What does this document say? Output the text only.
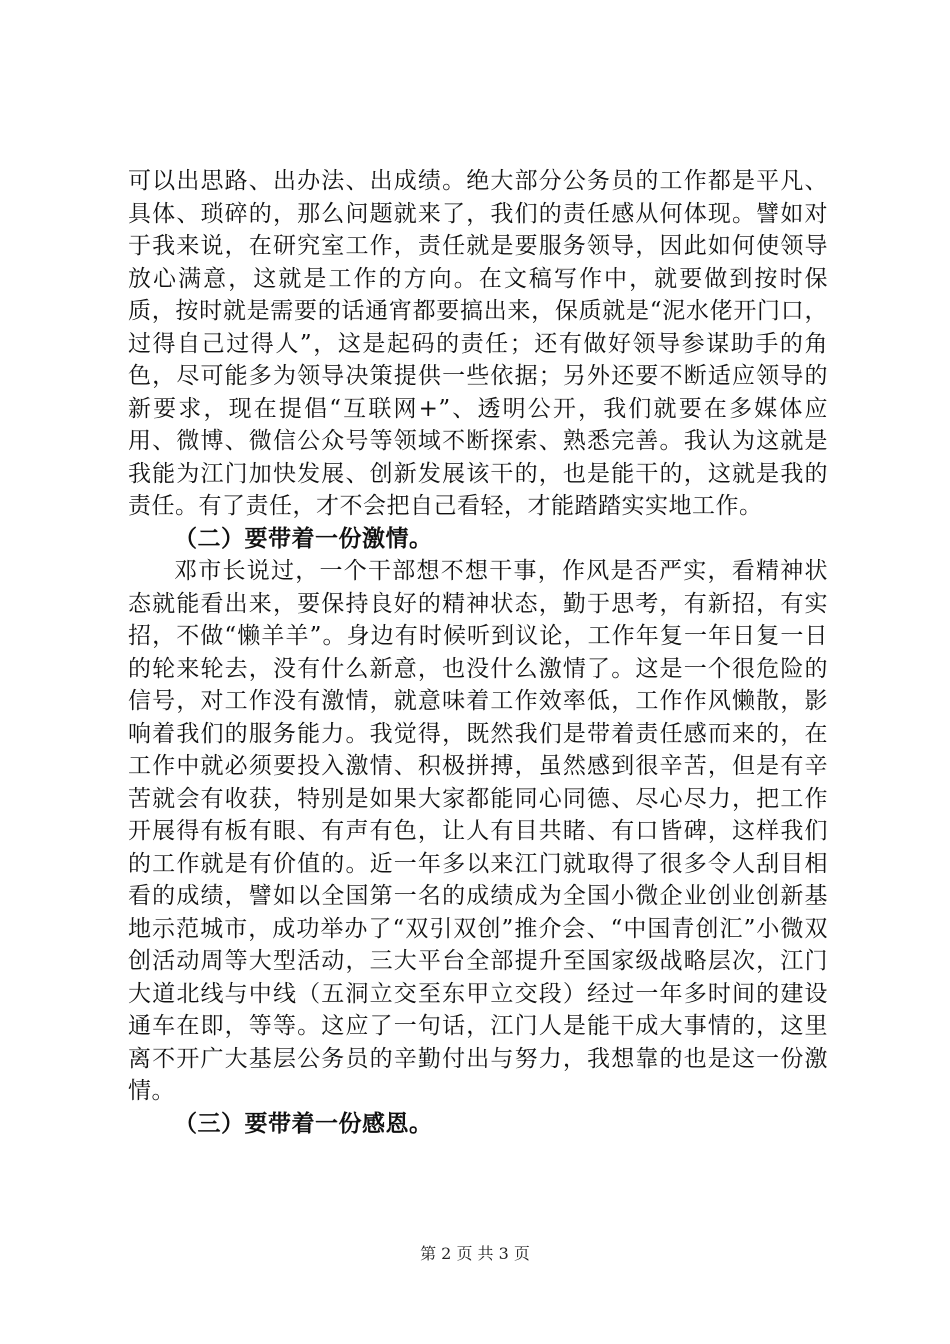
可以出思路、出办法、出成绩。绝大部分公务员的工作都是平凡、具体、琐碎的，那么问题就来了，我们的责任感从何体现。譬如对于我来说，在研究室工作，责任就是要服务领导，因此如何使领导放心满意，这就是工作的方向。在文稿写作中，就要做到按时保质，按时就是需要的话通宵都要搞出来，保质就是“泥水佬开门口，过得自己过得人”，这是起码的责任；还有做好领导参谋助手的角色，尽可能多为领导决策提供一些依据；另外还要不断适应领导的新要求，现在提倡“互联网+”、透明公开，我们就要在多媒体应用、微博、微信公众号等领域不断探索、熟悉完善。我认为这就是我能为江门加快发展、创新发展该干的，也是能干的，这就是我的责任。有了责任，才不会把自己看轻，才能踏踏实实地工作。

（二）要带着一份激情。

邓市长说过，一个干部想不想干事，作风是否严实，看精神状态就能看出来，要保持良好的精神状态，勤于思考，有新招，有实招，不做“懒羊羊”。身边有时候听到议论，工作年复一年日复一日的轮来轮去，没有什么新意，也没什么激情了。这是一个很危险的信号，对工作没有激情，就意味着工作效率低，工作作风懒散，影响着我们的服务能力。我觉得，既然我们是带着责任感而来的，在工作中就必须要投入激情、积极拼搏，虽然感到很辛苦，但是有辛苦就会有收获，特别是如果大家都能同心同德、尽心尽力，把工作开展得有板有眼、有声有色，让人有目共睹、有口皆碑，这样我们的工作就是有价值的。近一年多以来江门就取得了很多令人刮目相看的成绩，譬如以全国第一名的成绩成为全国小微企业创业创新基地示范城市，成功举办了“双引双创”推介会、“中国青创汇”小微双创活动周等大型活动，三大平台全部提升至国家级战略层次，江门大道北线与中线（五洞立交至东甲立交段）经过一年多时间的建设通车在即，等等。这应了一句话，江门人是能干成大事情的，这里离不开广大基层公务员的辛勤付出与努力，我想靠的也是这一份激情。

（三）要带着一份感恩。

第 2 页 共 3 页
